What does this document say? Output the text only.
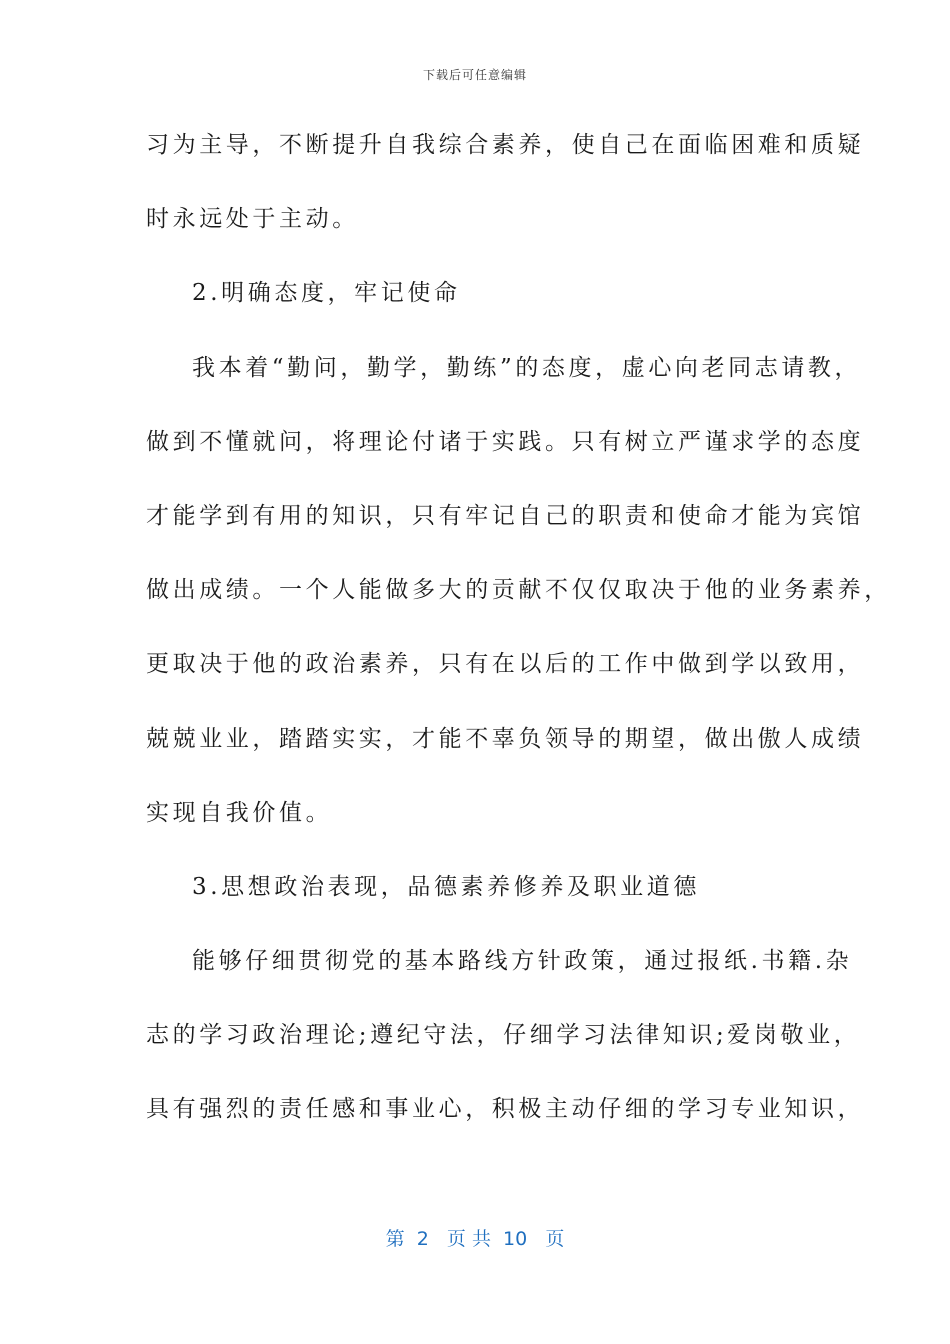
下载后可任意编辑
习为主导，不断提升自我综合素养，使自己在面临困难和质疑
时永远处于主动。
2.明确态度，牢记使命
我本着“勤问，勤学，勤练”的态度，虚心向老同志请教，
做到不懂就问，将理论付诸于实践。只有树立严谨求学的态度
才能学到有用的知识，只有牢记自己的职责和使命才能为宾馆
做出成绩。一个人能做多大的贡献不仅仅取决于他的业务素养，
更取决于他的政治素养，只有在以后的工作中做到学以致用，
兢兢业业，踏踏实实，才能不辜负领导的期望，做出傲人成绩
实现自我价值。
3.思想政治表现，品德素养修养及职业道德
能够仔细贯彻党的基本路线方针政策，通过报纸.书籍.杂
志的学习政治理论;遵纪守法，仔细学习法律知识;爱岗敬业，
具有强烈的责任感和事业心，积极主动仔细的学习专业知识，
第  2   页 共  10   页
